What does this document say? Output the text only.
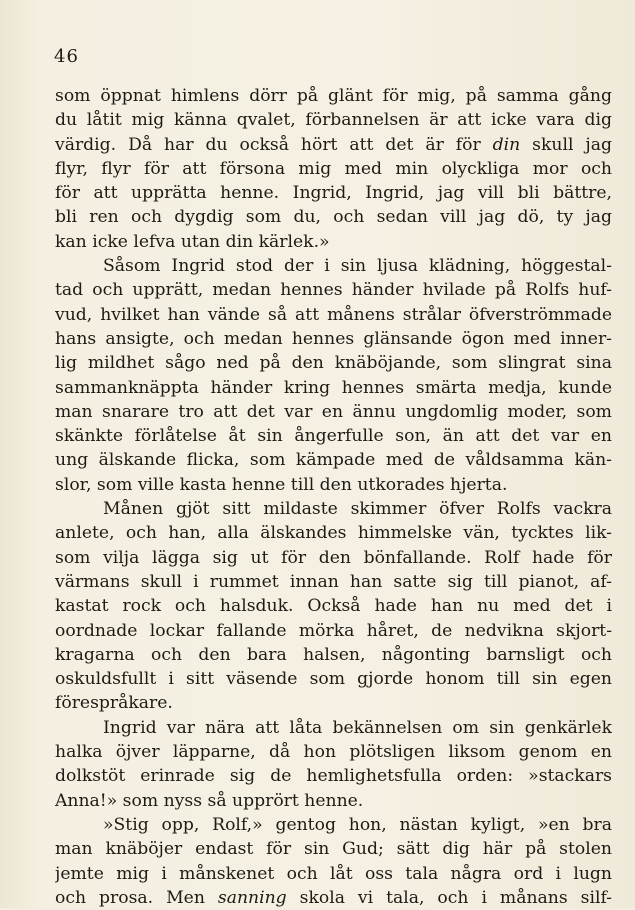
46
som öppnat himlens dörr på glänt för mig, på samma gång
du låtit mig känna qvalet, förbannelsen är att icke vara dig
värdig. Då har du också hört att det är för din skull jag
flyr, flyr för att försona mig med min olyckliga mor och
för att upprätta henne. Ingrid, Ingrid, jag vill bli bättre,
bli ren och dygdig som du, och sedan vill jag dö, ty jag
kan icke lefva utan din kärlek.»
Såsom Ingrid stod der i sin ljusa klädning, höggestal-
tad och upprätt, medan hennes händer hvilade på Rolfs huf-
vud, hvilket han vände så att månens strålar öfverströmmade
hans ansigte, och medan hennes glänsande ögon med inner-
lig mildhet sågo ned på den knäböjande, som slingrat sina
sammanknäppta händer kring hennes smärta medja, kunde
man snarare tro att det var en ännu ungdomlig moder, som
skänkte förlåtelse åt sin ångerfulle son, än att det var en
ung älskande flicka, som kämpade med de våldsamma kän-
slor, som ville kasta henne till den utkorades hjerta.
Månen gjöt sitt mildaste skimmer öfver Rolfs vackra
anlete, och han, alla älskandes himmelske vän, tycktes lik-
som vilja lägga sig ut för den bönfallande. Rolf hade för
värmans skull i rummet innan han satte sig till pianot, af-
kastat rock och halsduk. Också hade han nu med det i
oordnade lockar fallande mörka håret, de nedvikna skjort-
kragarna och den bara halsen, någonting barnsligt och
oskuldsfullt i sitt väsende som gjorde honom till sin egen
förespråkare.
Ingrid var nära att låta bekännelsen om sin genkärlek
halka öjver läpparne, då hon plötsligen liksom genom en
dolkstöt erinrade sig de hemlighetsfulla orden: »stackars
Anna!» som nyss så upprört henne.
»Stig opp, Rolf,» gentog hon, nästan kyligt, »en bra
man knäböjer endast för sin Gud; sätt dig här på stolen
jemte mig i månskenet och låt oss tala några ord i lugn
och prosa. Men sanning skola vi tala, och i månans silf-
